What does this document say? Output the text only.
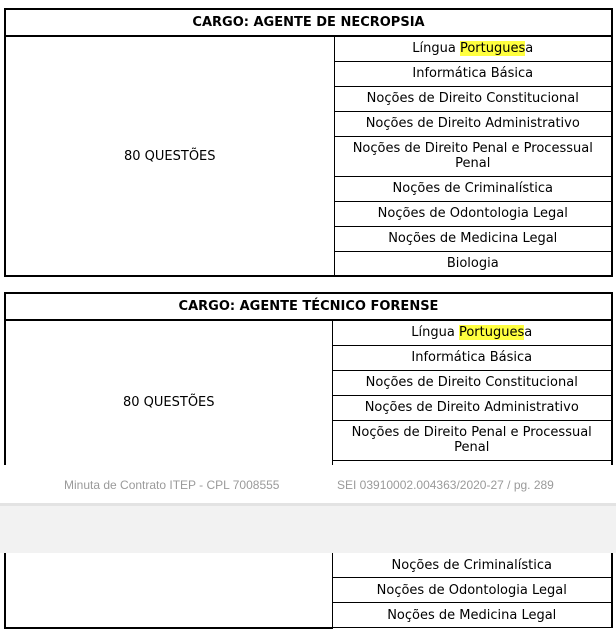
CARGO: AGENTE DE NECROPSIA
80 QUESTÕES	Língua Portuguesa
Informática Básica
Noções de Direito Constitucional
Noções de Direito Administrativo
Noções de Direito Penal e Processual Penal
Noções de Criminalística
Noções de Odontologia Legal
Noções de Medicina Legal
Biologia
CARGO: AGENTE TÉCNICO FORENSE
80 QUESTÕES	Língua Portuguesa
Informática Básica
Noções de Direito Constitucional
Noções de Direito Administrativo
Noções de Direito Penal e Processual Penal

Minuta de Contrato ITEP - CPL 7008555	SEI 03910002.004363/2020-27 / pg. 289
	Noções de Criminalística
Noções de Odontologia Legal
Noções de Medicina Legal
